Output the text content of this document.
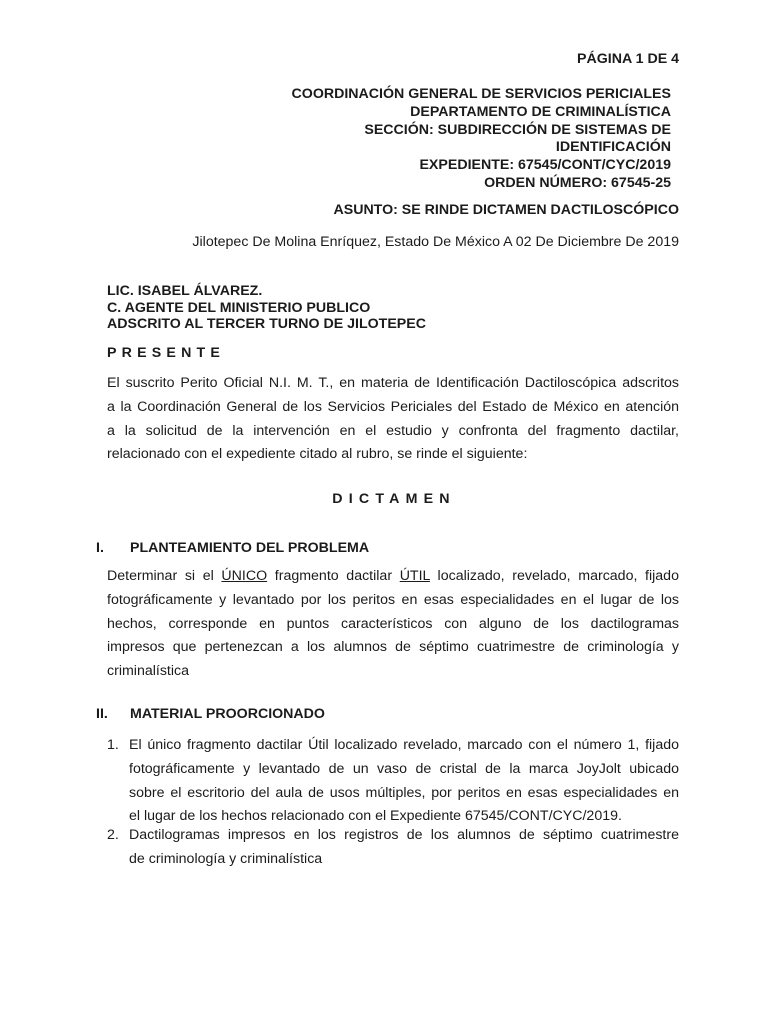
PÁGINA 1 DE 4
COORDINACIÓN GENERAL DE SERVICIOS PERICIALES
DEPARTAMENTO DE CRIMINALÍSTICA
SECCIÓN: SUBDIRECCIÓN DE SISTEMAS DE
IDENTIFICACIÓN
EXPEDIENTE: 67545/CONT/CYC/2019
ORDEN NÚMERO: 67545-25
ASUNTO: SE RINDE DICTAMEN DACTILOSCÓPICO
Jilotepec De Molina Enríquez, Estado De México A 02 De Diciembre De 2019
LIC. ISABEL ÁLVAREZ.
C. AGENTE DEL MINISTERIO PUBLICO
ADSCRITO AL TERCER TURNO DE JILOTEPEC
PRESENTE
El suscrito Perito Oficial N.I. M. T., en materia de Identificación Dactiloscópica adscritos
a la Coordinación General de los Servicios Periciales del Estado de México en atención
a la solicitud de la intervención en el estudio y confronta del fragmento dactilar,
relacionado con el expediente citado al rubro, se rinde el siguiente:
DICTAMEN
I. PLANTEAMIENTO DEL PROBLEMA
Determinar si el ÚNICO fragmento dactilar ÚTIL localizado, revelado, marcado, fijado
fotográficamente y levantado por los peritos en esas especialidades en el lugar de los
hechos, corresponde en puntos característicos con alguno de los dactilogramas
impresos que pertenezcan a los alumnos de séptimo cuatrimestre de criminología y
criminalística
II. MATERIAL PROORCIONADO
1. El único fragmento dactilar Útil localizado revelado, marcado con el número 1, fijado
fotográficamente y levantado de un vaso de cristal de la marca JoyJolt ubicado
sobre el escritorio del aula de usos múltiples, por peritos en esas especialidades en
el lugar de los hechos relacionado con el Expediente 67545/CONT/CYC/2019.
2. Dactilogramas impresos en los registros de los alumnos de séptimo cuatrimestre
de criminología y criminalística
